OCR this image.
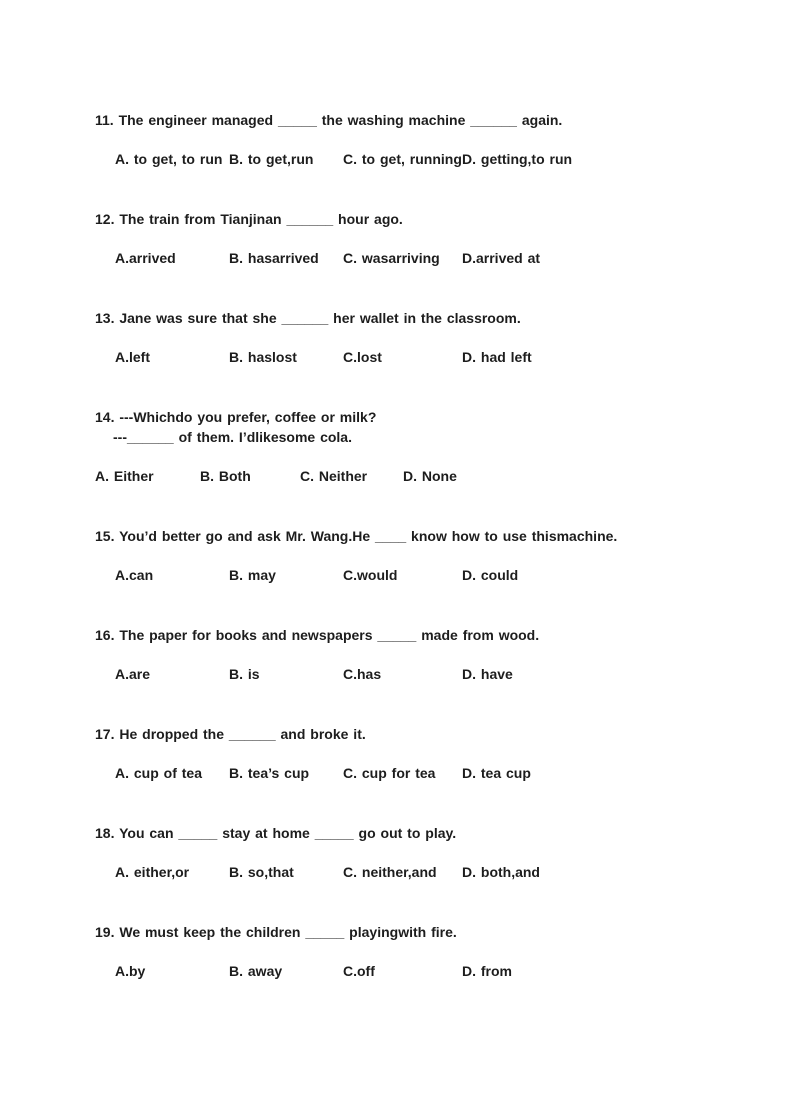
11. The engineer managed _____ the washing machine ______ again.
A. to get, to run B. to get,run	C. to get, running D. getting,to run
12. The train from Tianjinan ______ hour ago.
A.arrived	B. hasarrived	C. wasarriving	D.arrived at
13. Jane was sure that she ______ her wallet in the classroom.
A.left	B. haslost	C.lost	D. had left
14. ---Whichdo you prefer, coffee or milk?
---______ of them. I’dlikesome cola.
A. Either	B. Both	C. Neither	D. None
15. You’d better go and ask Mr. Wang.He ____ know how to use thismachine.
A.can	B. may	C.would	D. could
16. The paper for books and newspapers _____ made from wood.
A.are	B. is	C.has	D. have
17. He dropped the ______ and broke it.
A. cup of tea	B. tea’s cup	C. cup for tea	D. tea cup
18. You can _____ stay at home _____ go out to play.
A. either,or	B. so,that	C. neither,and	D. both,and
19. We must keep the children _____ playingwith fire.
A.by	B. away	C.off	D. from
